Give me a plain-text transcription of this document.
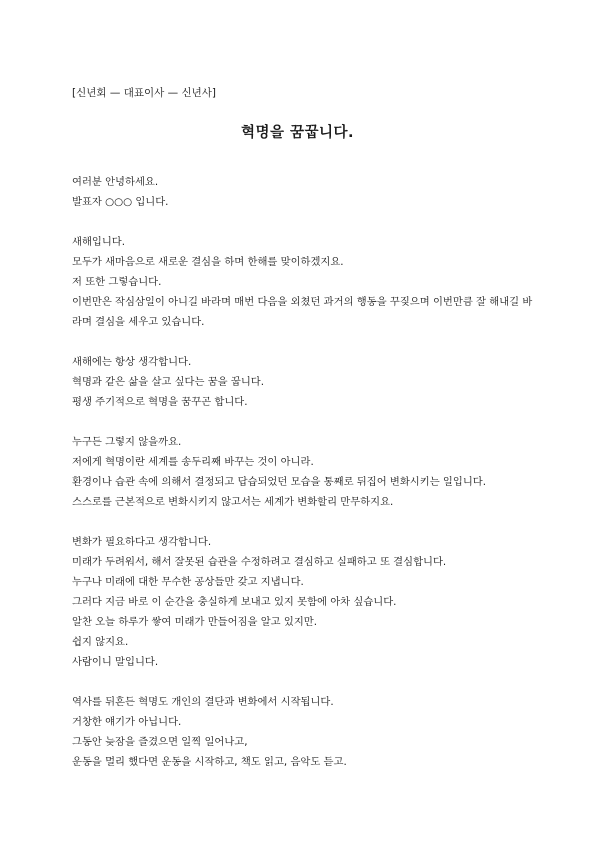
[신년회 — 대표이사 — 신년사]
혁명을 꿈꿉니다.
여러분 안녕하세요.
발표자 ○○○ 입니다.
새해입니다.
모두가 새마음으로 새로운 결심을 하며 한해를 맞이하겠지요.
저 또한 그렇습니다.
이번만은 작심삼일이 아니길 바라며 매번 다음을 외쳤던 과거의 행동을 꾸짖으며 이번만큼 잘 해내길 바라며 결심을 세우고 있습니다.
새해에는 항상 생각합니다.
혁명과 같은 삶을 살고 싶다는 꿈을 꿉니다.
평생 주기적으로 혁명을 꿈꾸곤 합니다.
누구든 그렇지 않을까요.
저에게 혁명이란 세계를 송두리째 바꾸는 것이 아니라.
환경이나 습관 속에 의해서 결정되고 답습되었던 모습을 통째로 뒤집어 변화시키는 일입니다.
스스로를 근본적으로 변화시키지 않고서는 세계가 변화할리 만무하지요.
변화가 필요하다고 생각합니다.
미래가 두려워서, 해서 잘못된 습관을 수정하려고 결심하고 실패하고 또 결심합니다.
누구나 미래에 대한 무수한 공상들만 갖고 지냅니다.
그러다 지금 바로 이 순간을 충실하게 보내고 있지 못함에 아차 싶습니다.
알찬 오늘 하루가 쌓여 미래가 만들어짐을 알고 있지만.
쉽지 않지요.
사람이니 말입니다.
역사를 뒤흔든 혁명도 개인의 결단과 변화에서 시작됩니다.
거창한 얘기가 아닙니다.
그동안 늦잠을 즐겼으면 일찍 일어나고,
운동을 멀리 했다면 운동을 시작하고, 책도 읽고, 음악도 듣고.
